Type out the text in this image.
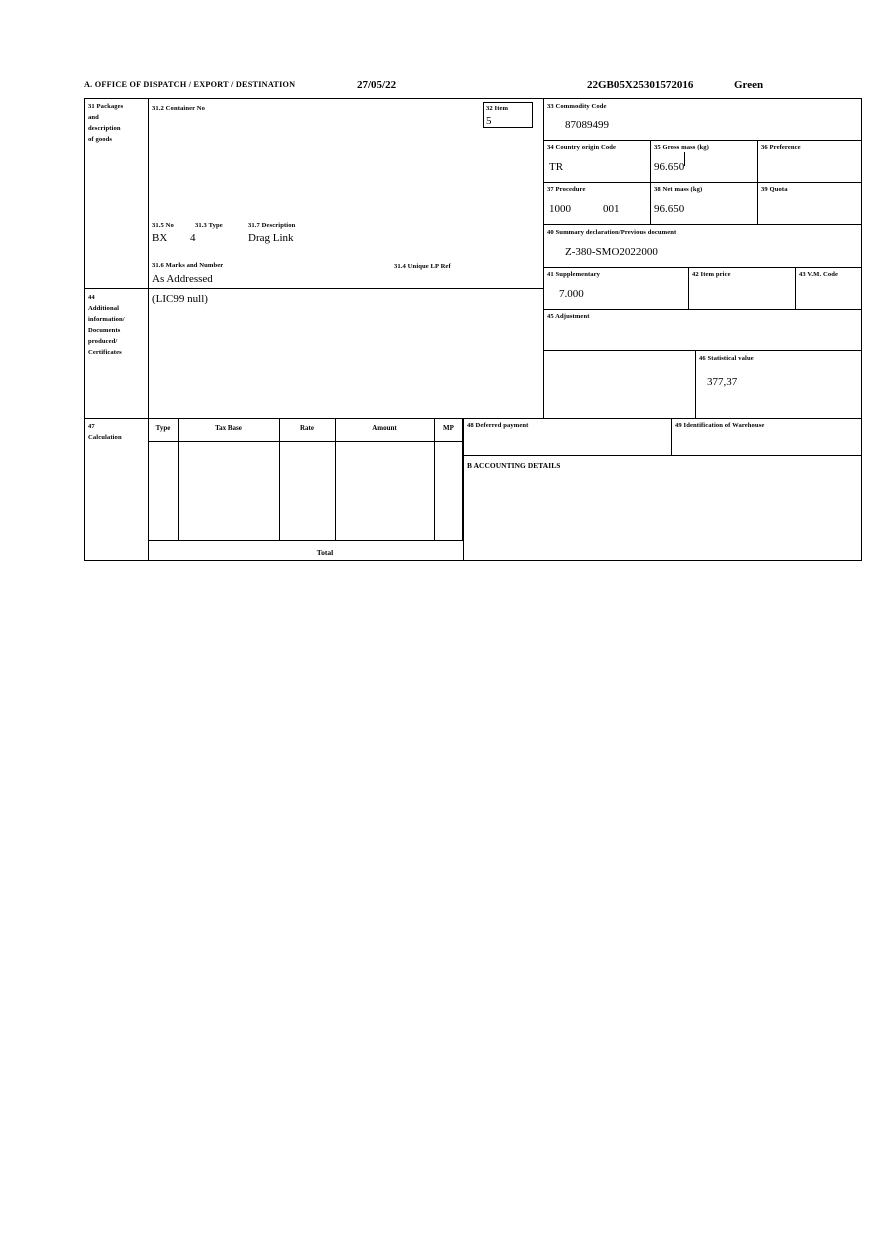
A. OFFICE OF DISPATCH / EXPORT / DESTINATION	27/05/22	22GB05X25301572016	Green
31 Packages
and
description
of goods
31.2 Container No
31.5 No	31.3 Type	31.7 Description
BX 4	Drag Link
31.6 Marks and Number	31.4 Unique LP Ref
As Addressed
32 Item
5
33 Commodity Code
87089499
34 Country origin Code
TR
35 Gross mass (kg)
96.650
36 Preference
37 Procedure
1000	001
38 Net mass (kg)
96.650
39 Quota
40 Summary declaration/Previous document
Z-380-SMO2022000
41 Supplementary
7.000
42 Item price	43 V.M. Code
44
Additional
information/
Documents
produced/
Certificates
(LIC99 null)
45 Adjustment
46 Statistical value
377,37
47
Calculation
Type	Tax Base	Rate	Amount	MP
Total
48 Deferred payment	49 Identification of Warehouse
B ACCOUNTING DETAILS
